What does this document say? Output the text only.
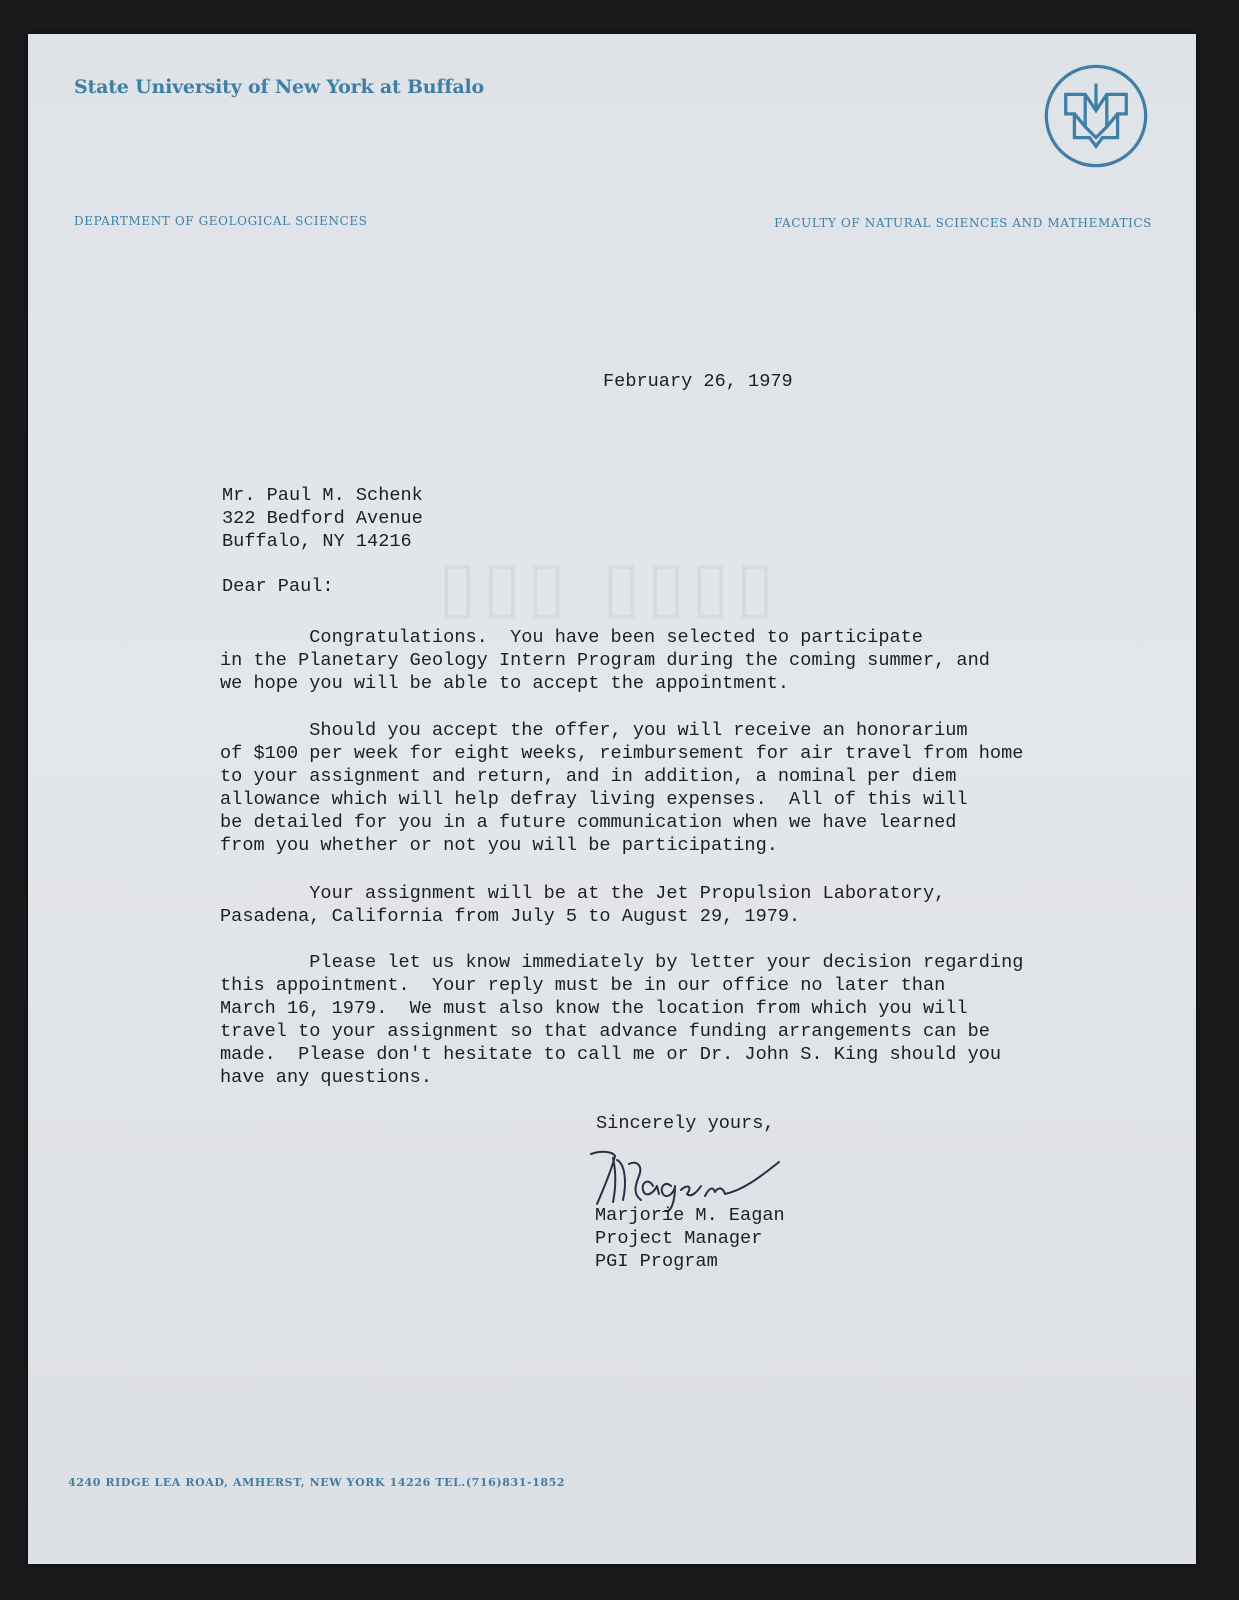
State University of New York at Buffalo
DEPARTMENT OF GEOLOGICAL SCIENCES	FACULTY OF NATURAL SCIENCES AND MATHEMATICS
▯▯▯ ▯▯▯▯
February 26, 1979
Mr. Paul M. Schenk
322 Bedford Avenue
Buffalo, NY 14216
Dear Paul:

Congratulations.  You have been selected to participate
in the Planetary Geology Intern Program during the coming summer, and
we hope you will be able to accept the appointment.

Should you accept the offer, you will receive an honorarium
of $100 per week for eight weeks, reimbursement for air travel from home
to your assignment and return, and in addition, a nominal per diem
allowance which will help defray living expenses.  All of this will
be detailed for you in a future communication when we have learned
from you whether or not you will be participating.

Your assignment will be at the Jet Propulsion Laboratory,
Pasadena, California from July 5 to August 29, 1979.

Please let us know immediately by letter your decision regarding
this appointment.  Your reply must be in our office no later than
March 16, 1979.  We must also know the location from which you will
travel to your assignment so that advance funding arrangements can be
made.  Please don't hesitate to call me or Dr. John S. King should you
have any questions.

Sincerely yours,
Marjorie M. Eagan
Project Manager
PGI Program
4240 RIDGE LEA ROAD, AMHERST, NEW YORK 14226 TEL.(716)831-1852
